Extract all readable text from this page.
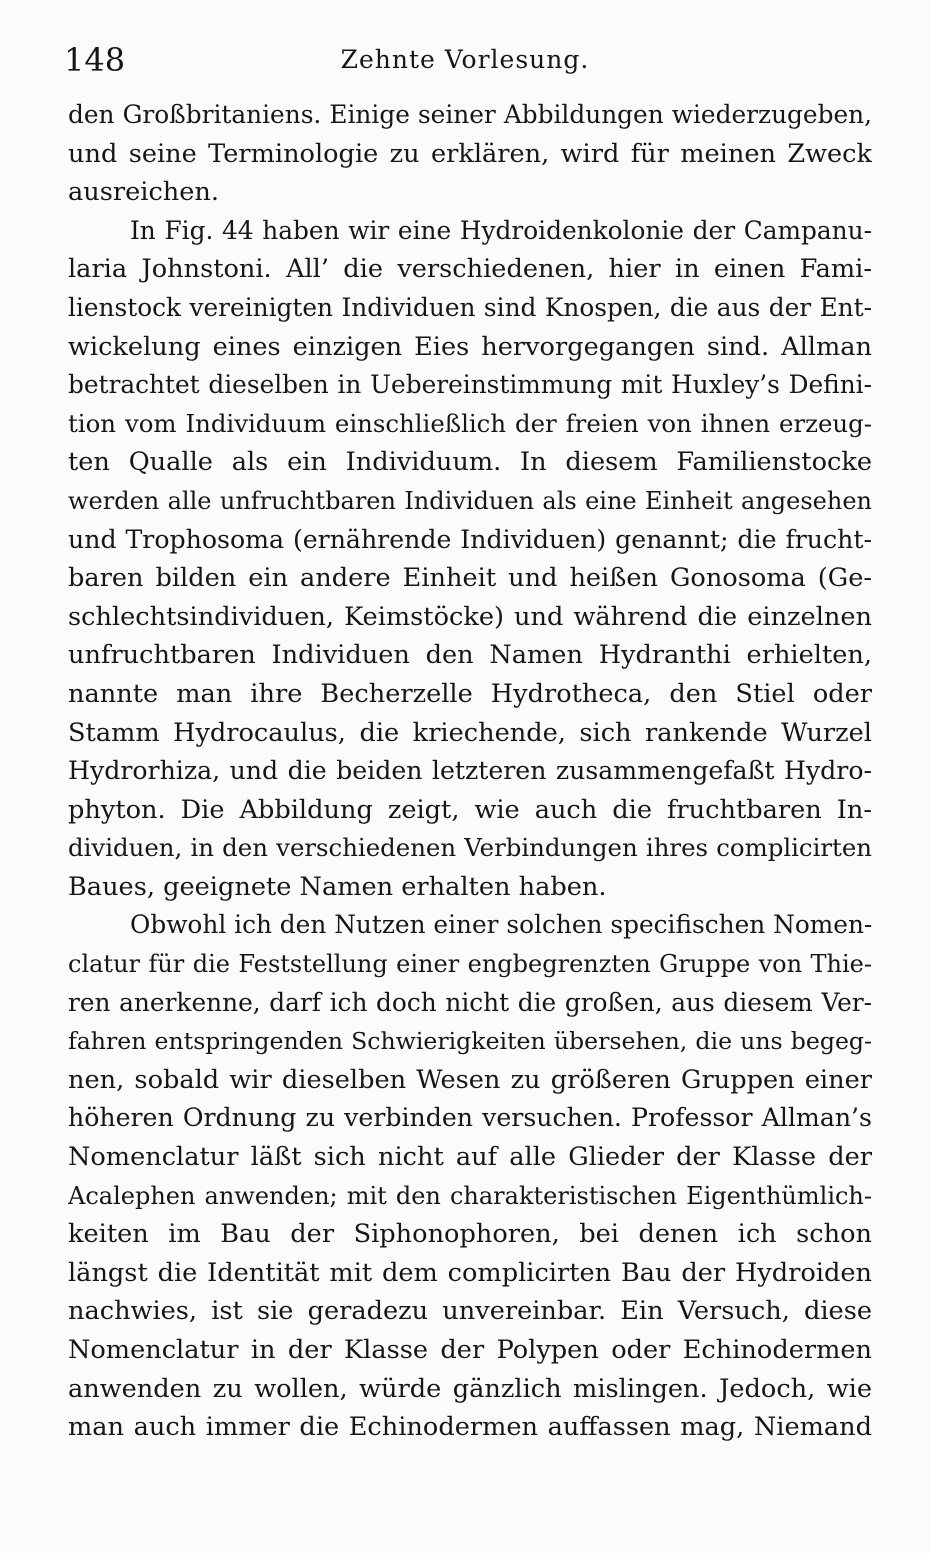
148	Zehnte Vorlesung.
den Großbritaniens. Einige seiner Abbildungen wiederzugeben,
und seine Terminologie zu erklären, wird für meinen Zweck
ausreichen.
In Fig. 44 haben wir eine Hydroidenkolonie der Campanu-
laria Johnstoni. All’ die verschiedenen, hier in einen Fami-
lienstock vereinigten Individuen sind Knospen, die aus der Ent-
wickelung eines einzigen Eies hervorgegangen sind. Allman
betrachtet dieselben in Uebereinstimmung mit Huxley’s Defini-
tion vom Individuum einschließlich der freien von ihnen erzeug-
ten Qualle als ein Individuum. In diesem Familienstocke
werden alle unfruchtbaren Individuen als eine Einheit angesehen
und Trophosoma (ernährende Individuen) genannt; die frucht-
baren bilden ein andere Einheit und heißen Gonosoma (Ge-
schlechtsindividuen, Keimstöcke) und während die einzelnen
unfruchtbaren Individuen den Namen Hydranthi erhielten,
nannte man ihre Becherzelle Hydrotheca, den Stiel oder
Stamm Hydrocaulus, die kriechende, sich rankende Wurzel
Hydrorhiza, und die beiden letzteren zusammengefaßt Hydro-
phyton. Die Abbildung zeigt, wie auch die fruchtbaren In-
dividuen, in den verschiedenen Verbindungen ihres complicirten
Baues, geeignete Namen erhalten haben.
Obwohl ich den Nutzen einer solchen specifischen Nomen-
clatur für die Feststellung einer engbegrenzten Gruppe von Thie-
ren anerkenne, darf ich doch nicht die großen, aus diesem Ver-
fahren entspringenden Schwierigkeiten übersehen, die uns begeg-
nen, sobald wir dieselben Wesen zu größeren Gruppen einer
höheren Ordnung zu verbinden versuchen. Professor Allman’s
Nomenclatur läßt sich nicht auf alle Glieder der Klasse der
Acalephen anwenden; mit den charakteristischen Eigenthümlich-
keiten im Bau der Siphonophoren, bei denen ich schon
längst die Identität mit dem complicirten Bau der Hydroiden
nachwies, ist sie geradezu unvereinbar. Ein Versuch, diese
Nomenclatur in der Klasse der Polypen oder Echinodermen
anwenden zu wollen, würde gänzlich mislingen. Jedoch, wie
man auch immer die Echinodermen auffassen mag, Niemand
